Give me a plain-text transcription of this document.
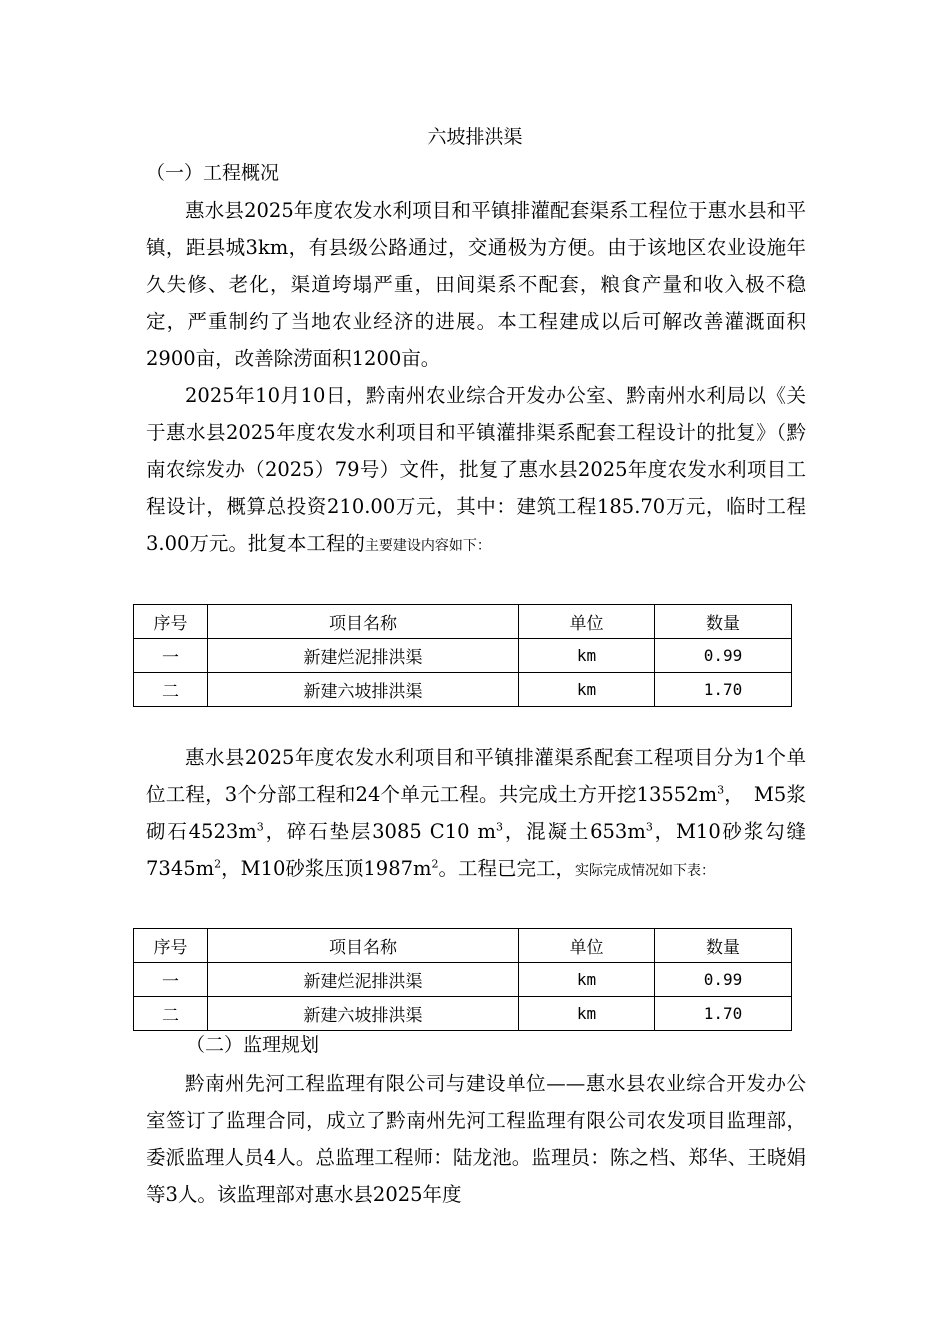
六坡排洪渠
（一）工程概况

惠水县2025年度农发水利项目和平镇排灌配套渠系工程位于惠水县和平镇，距县城3km，有县级公路通过，交通极为方便。由于该地区农业设施年久失修、老化，渠道垮塌严重，田间渠系不配套，粮食产量和收入极不稳定，严重制约了当地农业经济的进展。本工程建成以后可解改善灌溉面积2900亩，改善除涝面积1200亩。

2025年10月10日，黔南州农业综合开发办公室、黔南州水利局以《关于惠水县2025年度农发水利项目和平镇灌排渠系配套工程设计的批复》（黔南农综发办（2025）79号）文件，批复了惠水县2025年度农发水利项目工程设计，概算总投资210.00万元，其中：建筑工程185.70万元，临时工程3.00万元。批复本工程的主要建设内容如下：

序号	项目名称	单位	数量
一	新建烂泥排洪渠	km	0.99
二	新建六坡排洪渠	km	1.70

惠水县2025年度农发水利项目和平镇排灌渠系配套工程项目分为1个单位工程，3个分部工程和24个单元工程。共完成土方开挖$13552m^3$，　M5浆砌石$4523m^3$，碎石垫层3085 C10 $m^3$，混凝土$653m^3$，M10砂浆勾缝$7345m^2$，M10砂浆压顶$1987m^2$。工程已完工，实际完成情况如下表：

序号	项目名称	单位	数量
一	新建烂泥排洪渠	km	0.99
二	新建六坡排洪渠	km	1.70
（二）监理规划

黔南州先河工程监理有限公司与建设单位——惠水县农业综合开发办公室签订了监理合同，成立了黔南州先河工程监理有限公司农发项目监理部，委派监理人员4人。总监理工程师：陆龙池。监理员：陈之档、郑华、王晓娟等3人。该监理部对惠水县2025年度
